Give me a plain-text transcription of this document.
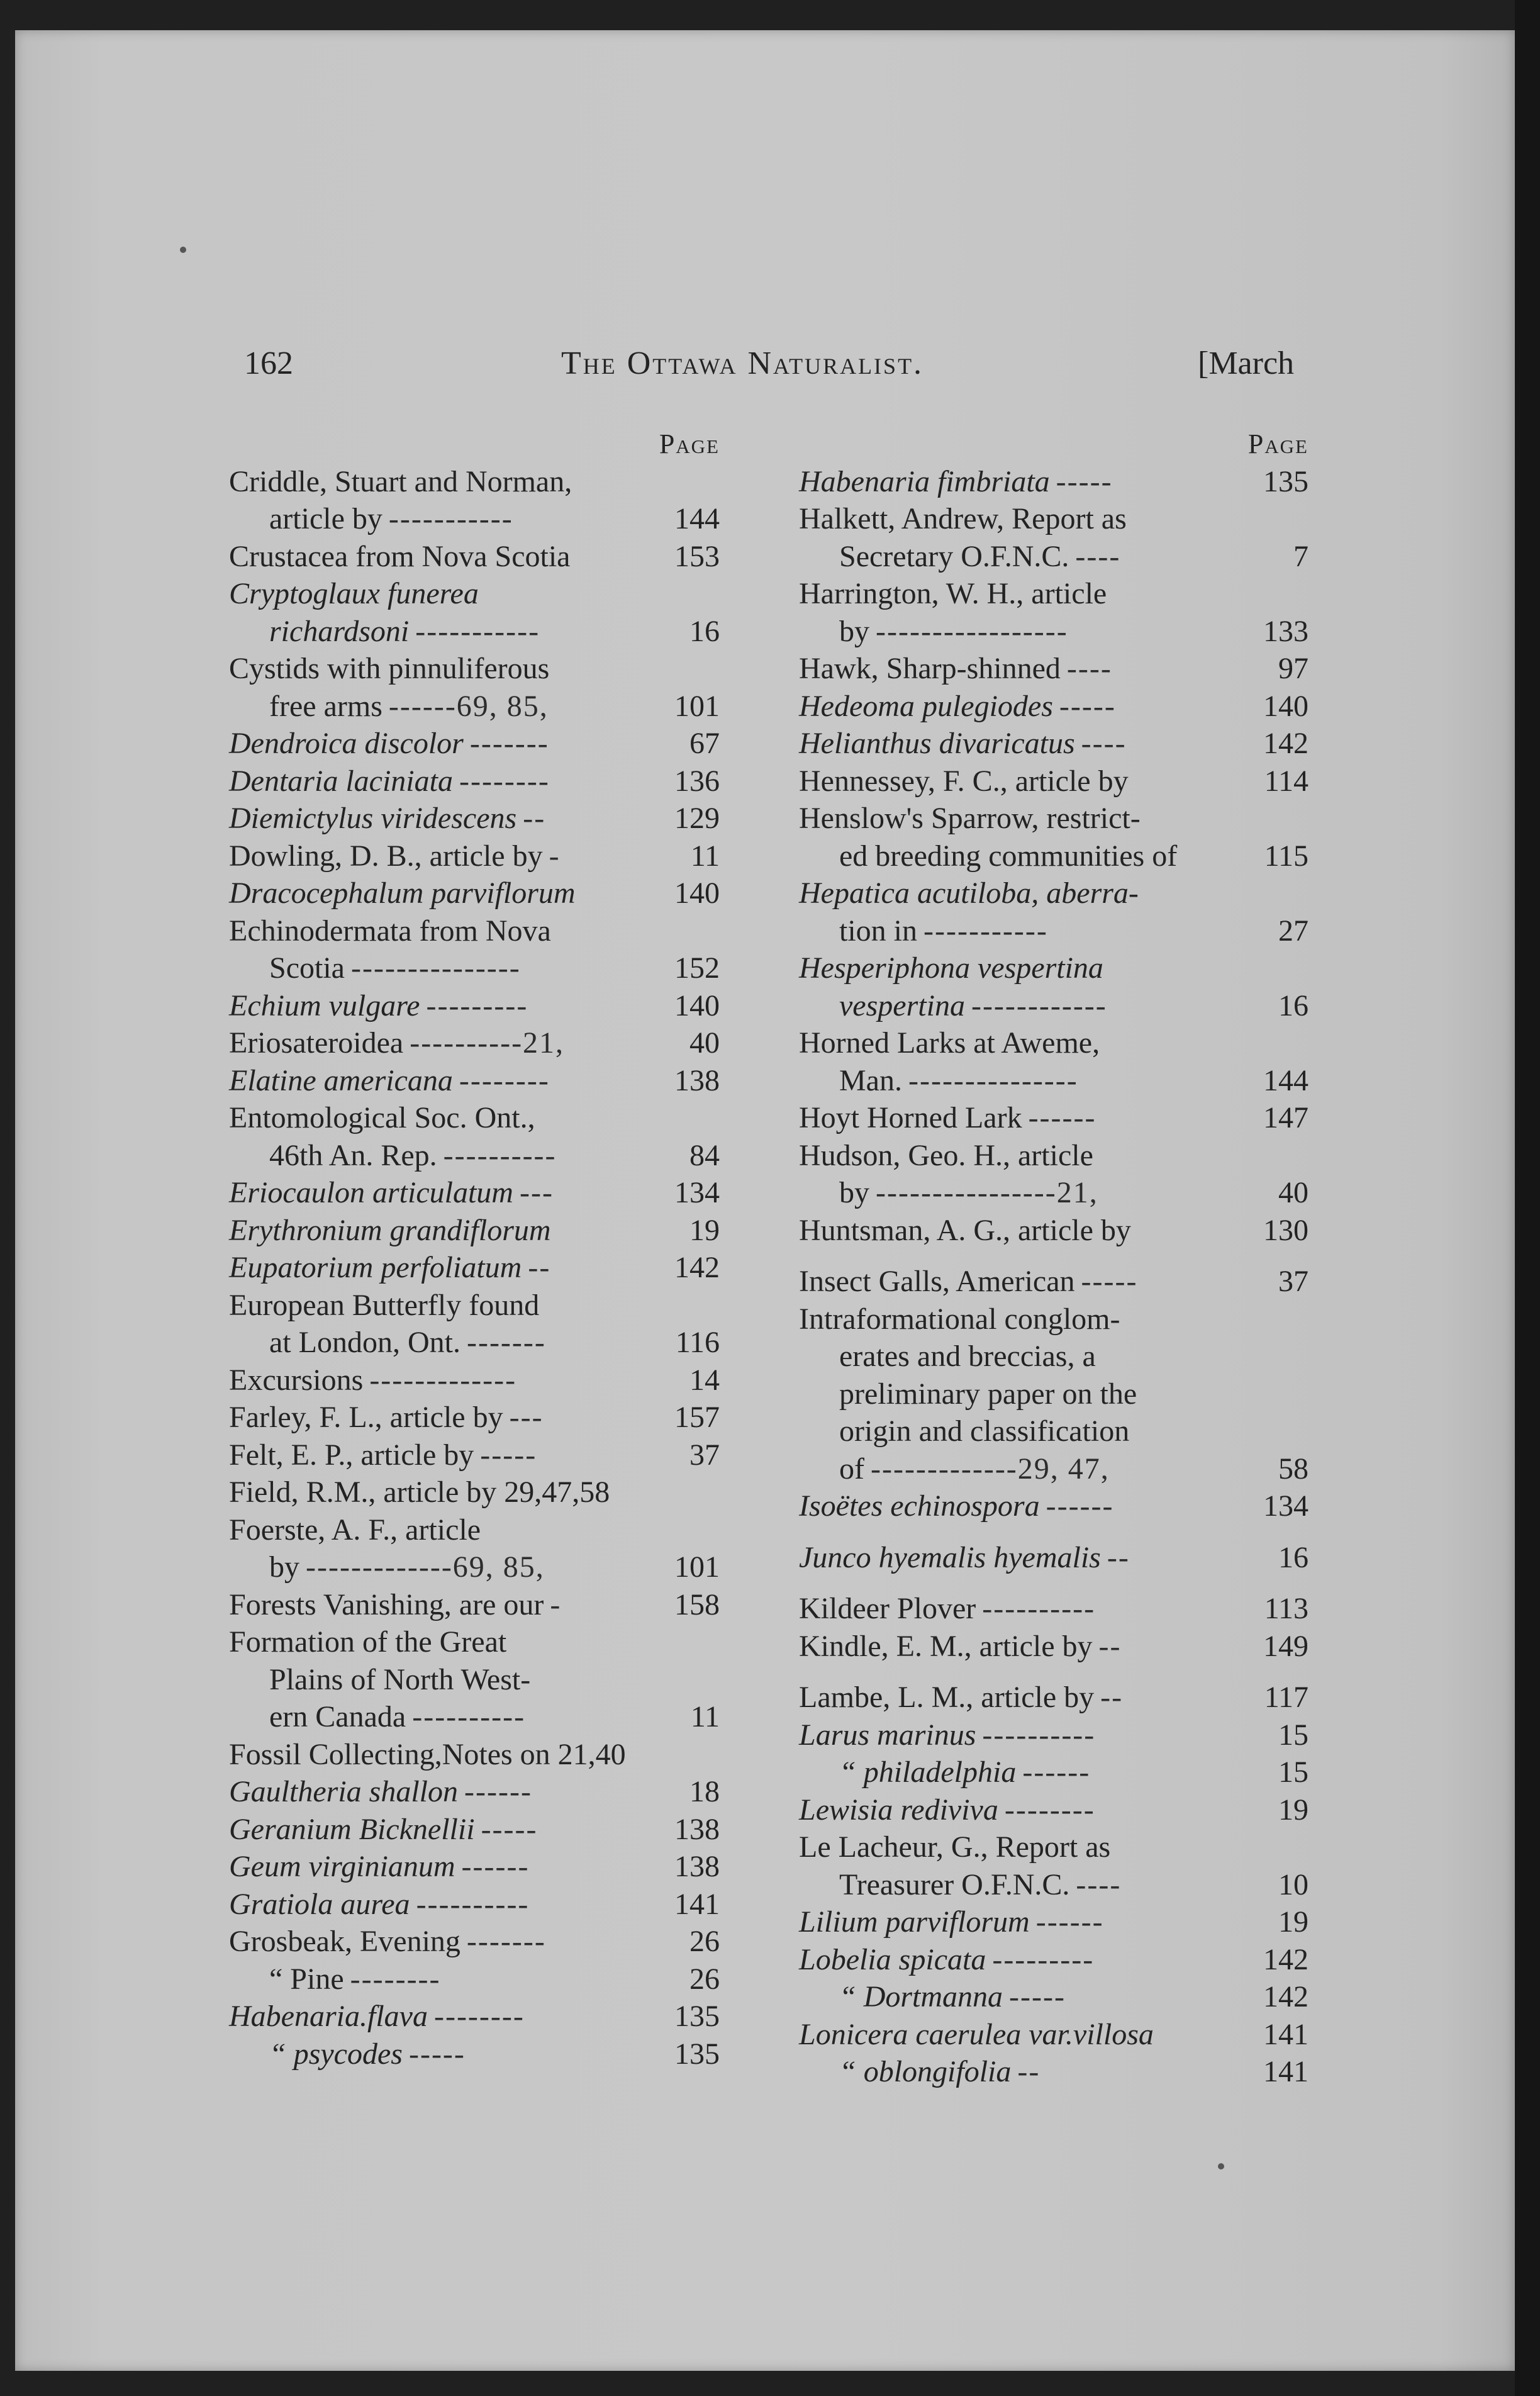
162	The Ottawa Naturalist.	[March
Page
Criddle, Stuart and Norman,
article by -----------	144
Crustacea from Nova Scotia	153
Cryptoglaux funerea
richardsoni -----------	16
Cystids with pinnuliferous
free arms ------69, 85,	101
Dendroica discolor -------	67
Dentaria laciniata --------	136
Diemictylus viridescens --	129
Dowling, D. B., article by -	11
Dracocephalum parviflorum	140
Echinodermata from Nova
Scotia ---------------	152
Echium vulgare ---------	140
Eriosateroidea ----------21,	40
Elatine americana --------	138
Entomological Soc. Ont.,
46th An. Rep. ----------	84
Eriocaulon articulatum ---	134
Erythronium grandiflorum	19
Eupatorium perfoliatum --	142
European Butterfly found
at London, Ont. -------	116
Excursions -------------	14
Farley, F. L., article by ---	157
Felt, E. P., article by -----	37
Field, R.M., article by 29,47,58
Foerste, A. F., article
by -------------69, 85,	101
Forests Vanishing, are our -	158
Formation of the Great
Plains of North West-
ern Canada ----------	11
Fossil Collecting,Notes on 21,40
Gaultheria shallon ------	18
Geranium Bicknellii -----	138
Geum virginianum ------	138
Gratiola aurea ----------	141
Grosbeak, Evening -------	26
“ Pine --------	26
Habenaria.flava --------	135
“ psycodes -----	135
Page
Habenaria fimbriata -----	135
Halkett, Andrew, Report as
Secretary O.F.N.C. ----	7
Harrington, W. H., article
by -----------------	133
Hawk, Sharp-shinned ----	97
Hedeoma pulegiodes -----	140
Helianthus divaricatus ----	142
Hennessey, F. C., article by	114
Henslow's Sparrow, restrict-
ed breeding communities of	115
Hepatica acutiloba, aberra-
tion in -----------	27
Hesperiphona vespertina
vespertina ------------	16
Horned Larks at Aweme,
Man. ---------------	144
Hoyt Horned Lark ------	147
Hudson, Geo. H., article
by ----------------21,	40
Huntsman, A. G., article by	130
Insect Galls, American -----	37
Intraformational conglom-
erates and breccias, a
preliminary paper on the
origin and classification
of -------------29, 47,	58
Isoëtes echinospora ------	134
Junco hyemalis hyemalis --	16
Kildeer Plover ----------	113
Kindle, E. M., article by --	149
Lambe, L. M., article by --	117
Larus marinus ----------	15
“ philadelphia ------	15
Lewisia rediviva --------	19
Le Lacheur, G., Report as
Treasurer O.F.N.C. ----	10
Lilium parviflorum ------	19
Lobelia spicata ---------	142
“ Dortmanna -----	142
Lonicera caerulea var.villosa	141
“ oblongifolia --	141
